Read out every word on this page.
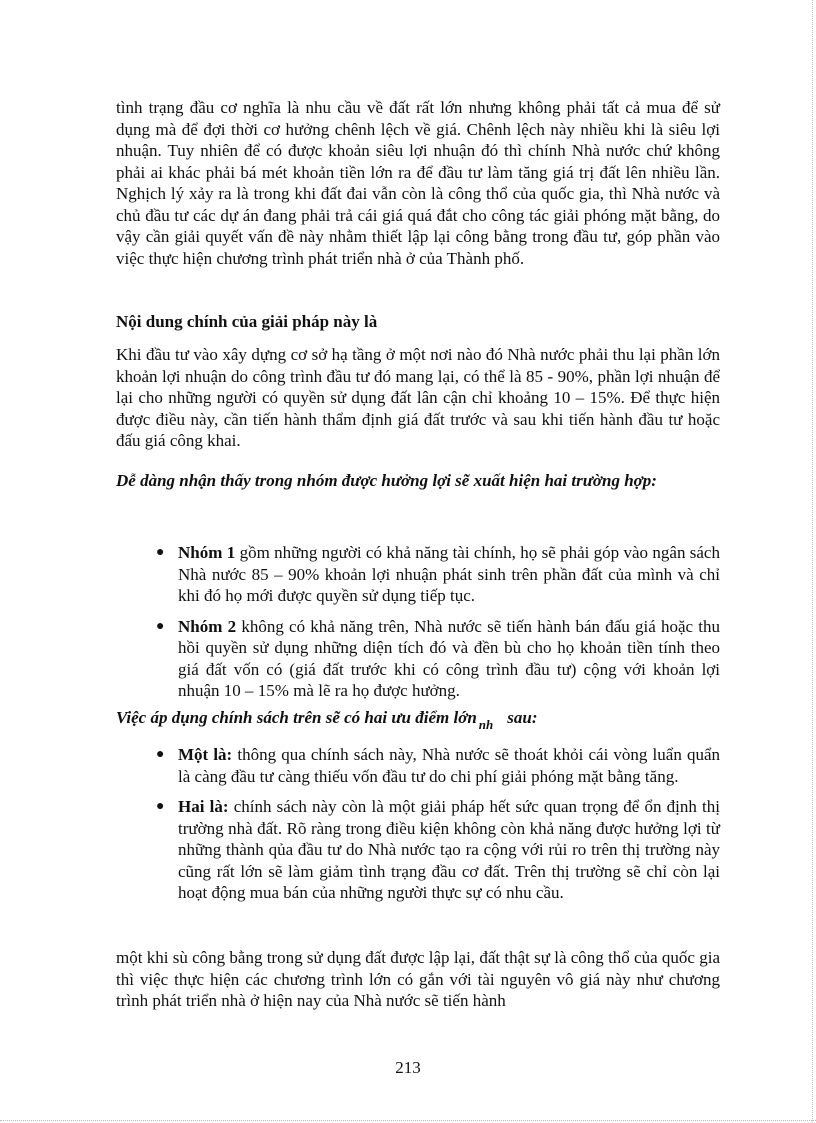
tình trạng đầu cơ nghĩa là nhu cầu về đất rất lớn nhưng không phải tất cả mua để sử dụng mà để đợi thời cơ hưởng chênh lệch về giá. Chênh lệch này nhiều khi là siêu lợi nhuận. Tuy nhiên để có được khoản siêu lợi nhuận đó thì chính Nhà nước chứ không phải ai khác phải bá mét khoản tiền lớn ra để đầu tư làm tăng giá trị đất lên nhiều lần. Nghịch lý xảy ra là trong khi đất đai vẫn còn là công thổ của quốc gia, thì Nhà nước và chủ đầu tư các dự án đang phải trả cái giá quá đắt cho công tác giải phóng mặt bằng, do vậy cần giải quyết vấn đề này nhằm thiết lập lại công bằng trong đầu tư, góp phần vào việc thực hiện chương trình phát triển nhà ở của Thành phố.
Nội dung chính của giải pháp này là
Khi đầu tư vào xây dựng cơ sở hạ tầng ở một nơi nào đó Nhà nước phải thu lại phần lớn khoản lợi nhuận do công trình đầu tư đó mang lại, có thể là 85 - 90%, phần lợi nhuận để lại cho những người có quyền sử dụng đất lân cận chỉ khoảng 10 – 15%. Để thực hiện được điều này, cần tiến hành thẩm định giá đất trước và sau khi tiến hành đầu tư hoặc đấu giá công khai.
Dễ dàng nhận thấy trong nhóm được hưởng lợi sẽ xuất hiện hai trường hợp:
● Nhóm 1 gồm những người có khả năng tài chính, họ sẽ phải góp vào ngân sách Nhà nước 85 – 90% khoản lợi nhuận phát sinh trên phần đất của mình và chỉ khi đó họ mới được quyền sử dụng tiếp tục.
● Nhóm 2 không có khả năng trên, Nhà nước sẽ tiến hành bán đấu giá hoặc thu hồi quyền sử dụng những diện tích đó và đền bù cho họ khoản tiền tính theo giá đất vốn có (giá đất trước khi có công trình đầu tư) cộng với khoản lợi nhuận 10 – 15% mà lẽ ra họ được hưởng.
Việc áp dụng chính sách trên sẽ có hai ưu điểm lớn $_{nh}$ sau:
● Một là: thông qua chính sách này, Nhà nước sẽ thoát khỏi cái vòng luẩn quẩn là càng đầu tư càng thiếu vốn đầu tư do chi phí giải phóng mặt bằng tăng.
● Hai là: chính sách này còn là một giải pháp hết sức quan trọng để ổn định thị trường nhà đất. Rõ ràng trong điều kiện không còn khả năng được hưởng lợi từ những thành qủa đầu tư do Nhà nước tạo ra cộng với rủi ro trên thị trường này cũng rất lớn sẽ làm giảm tình trạng đầu cơ đất. Trên thị trường sẽ chỉ còn lại hoạt động mua bán của những người thực sự có nhu cầu.
một khi sù công bằng trong sử dụng đất được lập lại, đất thật sự là công thổ của quốc gia thì việc thực hiện các chương trình lớn có gắn với tài nguyên vô giá này như chương trình phát triển nhà ở hiện nay của Nhà nước sẽ tiến hành
213
